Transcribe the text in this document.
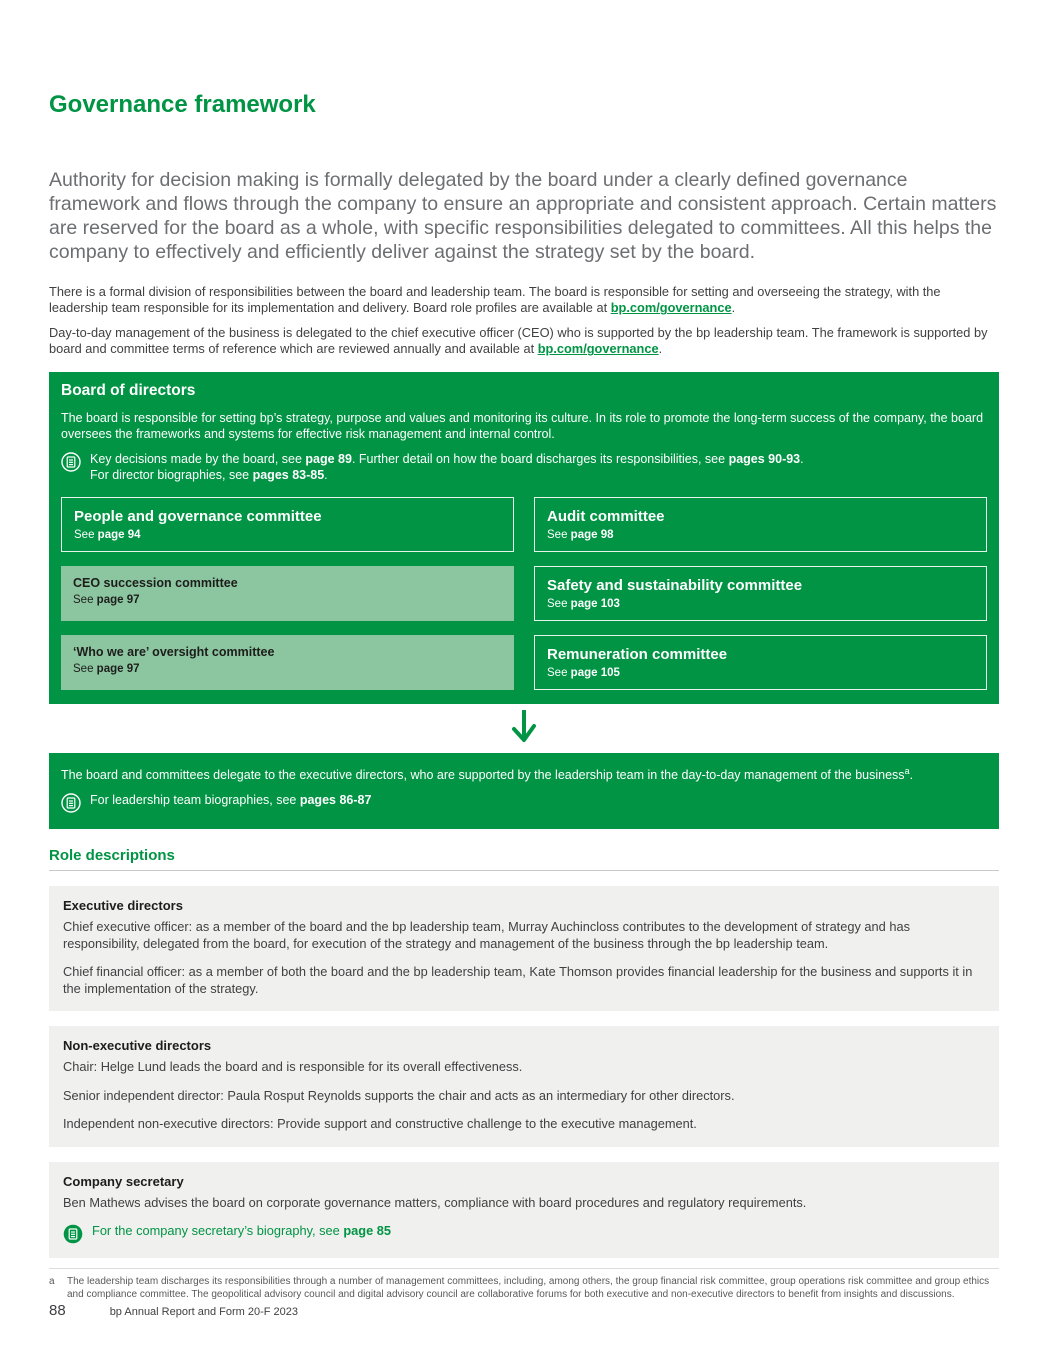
Governance framework

Authority for decision making is formally delegated by the board under a clearly defined governance framework and flows through the company to ensure an appropriate and consistent approach. Certain matters are reserved for the board as a whole, with specific responsibilities delegated to committees. All this helps the company to effectively and efficiently deliver against the strategy set by the board.

There is a formal division of responsibilities between the board and leadership team. The board is responsible for setting and overseeing the strategy, with the leadership team responsible for its implementation and delivery. Board role profiles are available at bp.com/governance.

Day-to-day management of the business is delegated to the chief executive officer (CEO) who is supported by the bp leadership team. The framework is supported by board and committee terms of reference which are reviewed annually and available at bp.com/governance.

Board of directors
The board is responsible for setting bp’s strategy, purpose and values and monitoring its culture. In its role to promote the long-term success of the company, the board oversees the frameworks and systems for effective risk management and internal control.
Key decisions made by the board, see page 89. Further detail on how the board discharges its responsibilities, see pages 90-93.
For director biographies, see pages 83-85.
People and governance committee
See page 94
Audit committee
See page 98
CEO succession committee
See page 97
Safety and sustainability committee
See page 103
‘Who we are’ oversight committee
See page 97
Remuneration committee
See page 105
The board and committees delegate to the executive directors, who are supported by the leadership team in the day-to-day management of the business$^a$.
For leadership team biographies, see pages 86-87
Role descriptions
Executive directors

Chief executive officer: as a member of the board and the bp leadership team, Murray Auchincloss contributes to the development of strategy and has responsibility, delegated from the board, for execution of the strategy and management of the business through the bp leadership team.

Chief financial officer: as a member of both the board and the bp leadership team, Kate Thomson provides financial leadership for the business and supports it in the implementation of the strategy.

Non-executive directors

Chair: Helge Lund leads the board and is responsible for its overall effectiveness.

Senior independent director: Paula Rosput Reynolds supports the chair and acts as an intermediary for other directors.

Independent non-executive directors: Provide support and constructive challenge to the executive management.

Company secretary

Ben Mathews advises the board on corporate governance matters, compliance with board procedures and regulatory requirements.

For the company secretary’s biography, see page 85
a	The leadership team discharges its responsibilities through a number of management committees, including, among others, the group financial risk committee, group operations risk committee and group ethics and compliance committee. The geopolitical advisory council and digital advisory council are collaborative forums for both executive and non-executive directors to benefit from insights and discussions.
88	bp Annual Report and Form 20-F 2023
